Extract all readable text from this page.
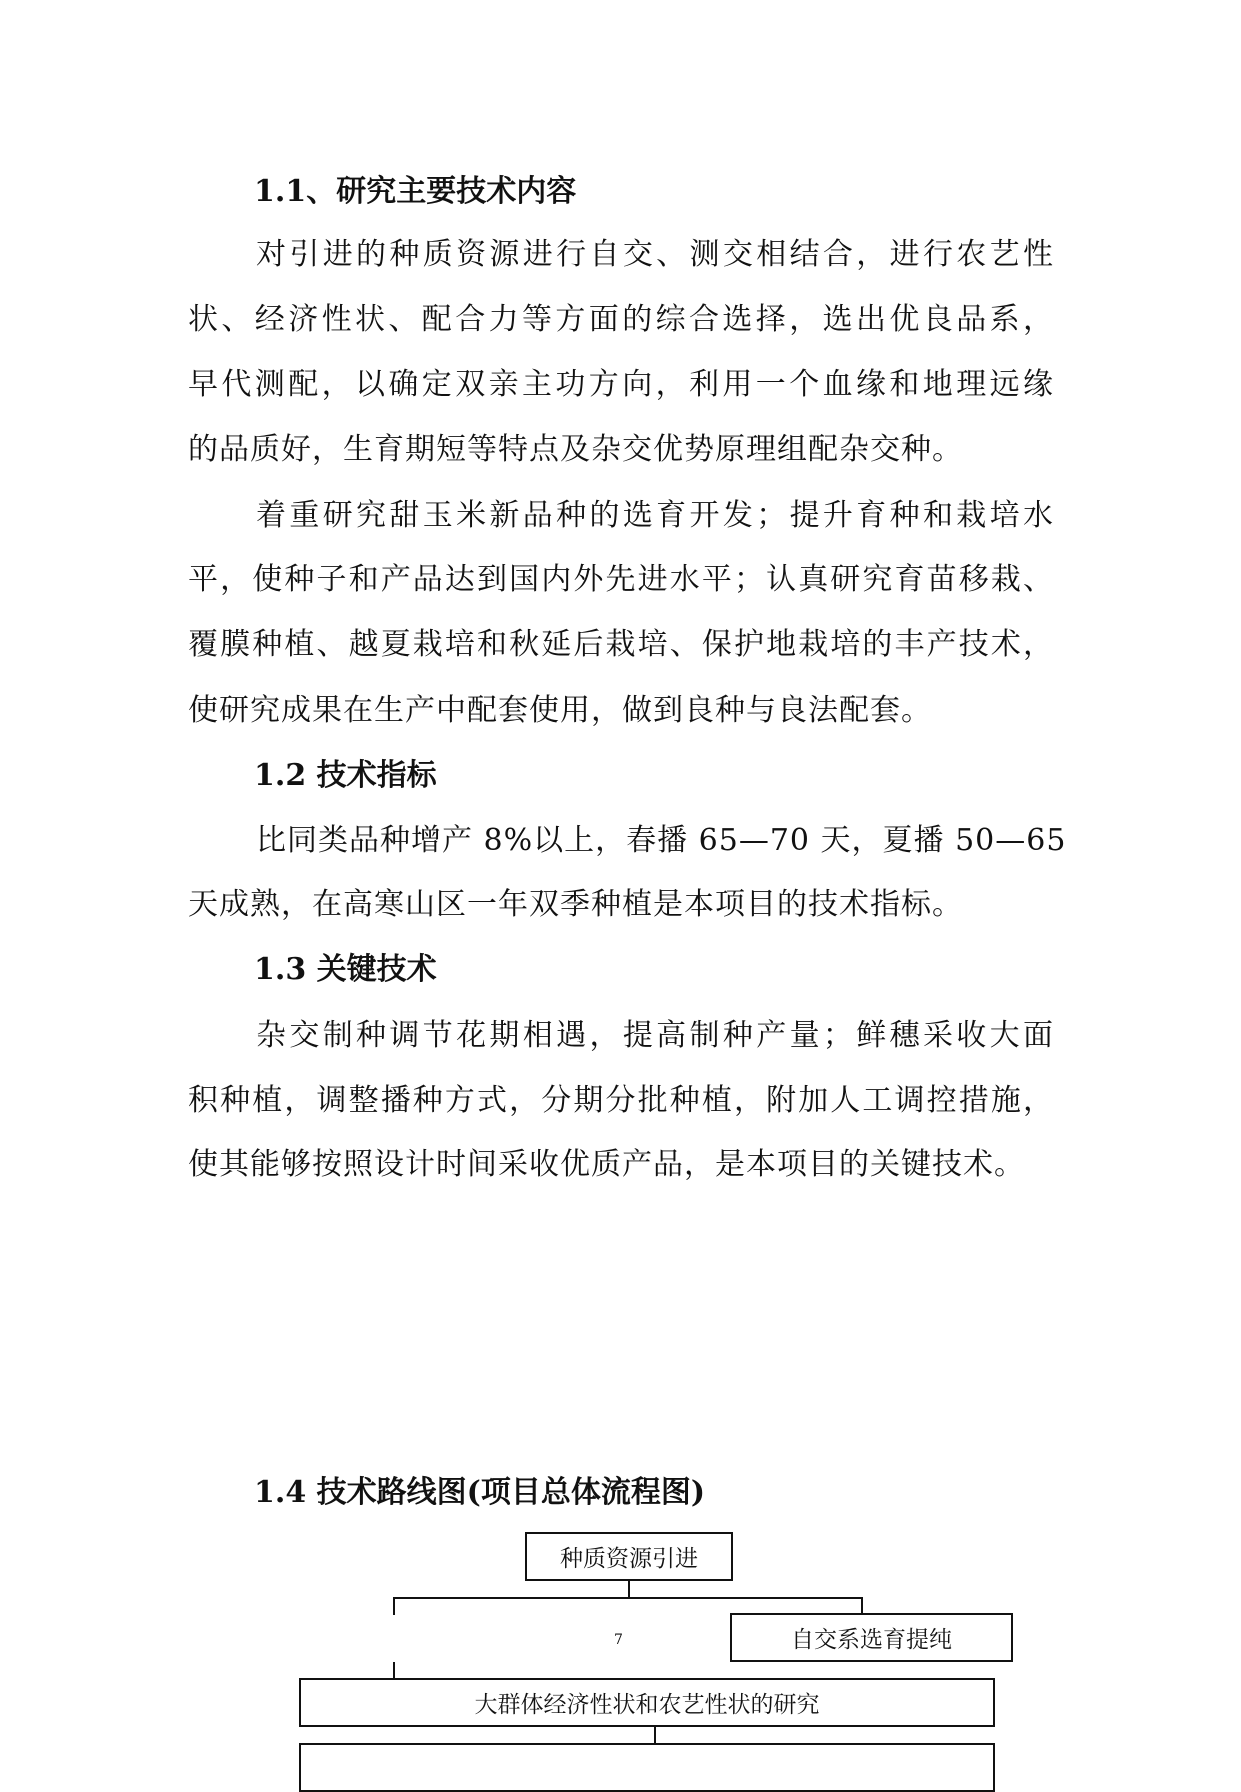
1.1、研究主要技术内容
对引进的种质资源进行自交、测交相结合，进行农艺性
状、经济性状、配合力等方面的综合选择，选出优良品系，
早代测配，以确定双亲主功方向，利用一个血缘和地理远缘
的品质好，生育期短等特点及杂交优势原理组配杂交种。
着重研究甜玉米新品种的选育开发；提升育种和栽培水
平，使种子和产品达到国内外先进水平；认真研究育苗移栽、
覆膜种植、越夏栽培和秋延后栽培、保护地栽培的丰产技术，
使研究成果在生产中配套使用，做到良种与良法配套。
1.2 技术指标
比同类品种增产 8%以上，春播 65—70 天，夏播 50—65
天成熟，在高寒山区一年双季种植是本项目的技术指标。
1.3 关键技术
杂交制种调节花期相遇，提高制种产量；鲜穗采收大面
积种植，调整播种方式，分期分批种植，附加人工调控措施，
使其能够按照设计时间采收优质产品，是本项目的关键技术。
1.4 技术路线图(项目总体流程图)
种质资源引进
自交系选育提纯
7
大群体经济性状和农艺性状的研究
